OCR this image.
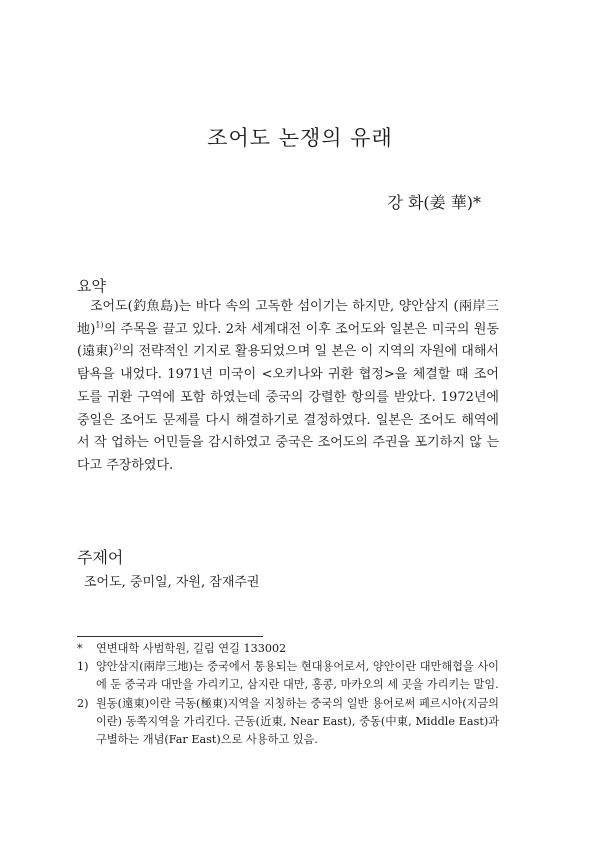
조어도 논쟁의 유래
강 화(姜 華)*
요약
조어도(釣魚島)는 바다 속의 고독한 섬이기는 하지만, 양안삼지 (兩岸三地)$^{1)}$의 주목을 끌고 있다. 2차 세계대전 이후 조어도와 일본은 미국의 원동(遠東)$^{2)}$의 전략적인 기지로 활용되었으며 일 본은 이 지역의 자원에 대해서 탐욕을 내었다. 1971년 미국이 <오키나와 귀환 협정>을 체결할 때 조어도를 귀환 구역에 포함 하였는데 중국의 강렬한 항의를 받았다. 1972년에 중일은 조어도 문제를 다시 해결하기로 결정하였다. 일본은 조어도 해역에서 작 업하는 어민들을 감시하였고 중국은 조어도의 주권을 포기하지 않 는다고 주장하였다.
주제어
조어도, 중미일, 자원, 잠재주권
*	연변대학 사범학원, 길림 연길 133002
1) 양안삼지(兩岸三地)는 중국에서 통용되는 현대용어로서, 양안이란 대만해협을 사이에 둔 중국과 대만을 가리키고, 삼지란 대만, 홍콩, 마카오의 세 곳을 가리키는 말임.
2) 원동(遠東)이란 극동(極東)지역을 지칭하는 중국의 일반 용어로써 페르시아(지금의 이란) 동쪽지역을 가리킨다. 근동(近東, Near East), 중동(中東, Middle East)과 구별하는 개념(Far East)으로 사용하고 있음.
